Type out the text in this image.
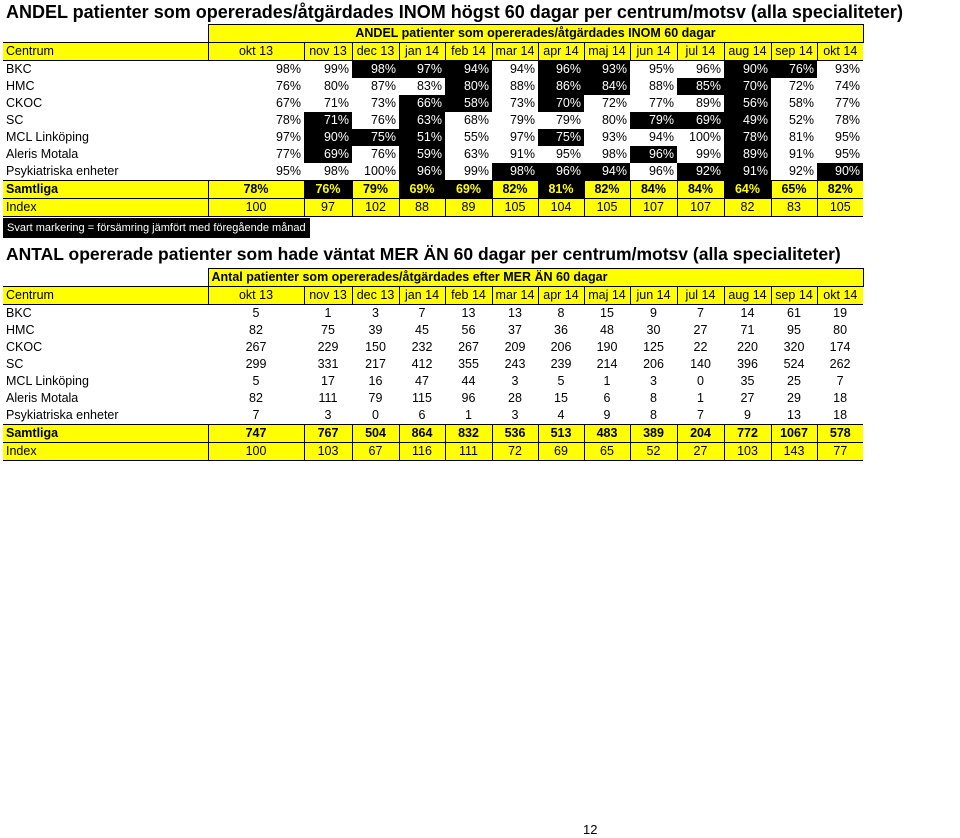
ANDEL patienter som opererades/åtgärdades INOM högst 60 dagar per centrum/motsv (alla specialiteter)
	ANDEL patienter som opererades/åtgärdades INOM 60 dagar												
Centrum	okt 13	nov 13	dec 13	jan 14	feb 14	mar 14	apr 14	maj 14	jun 14	jul 14	aug 14	sep 14	okt 14
BKC	98%	99%	98%	97%	94%	94%	96%	93%	95%	96%	90%	76%	93%
HMC	76%	80%	87%	83%	80%	88%	86%	84%	88%	85%	70%	72%	74%
CKOC	67%	71%	73%	66%	58%	73%	70%	72%	77%	89%	56%	58%	77%
SC	78%	71%	76%	63%	68%	79%	79%	80%	79%	69%	49%	52%	78%
MCL Linköping	97%	90%	75%	51%	55%	97%	75%	93%	94%	100%	78%	81%	95%
Aleris Motala	77%	69%	76%	59%	63%	91%	95%	98%	96%	99%	89%	91%	95%
Psykiatriska enheter	95%	98%	100%	96%	99%	98%	96%	94%	96%	92%	91%	92%	90%
Samtliga	78%	76%	79%	69%	69%	82%	81%	82%	84%	84%	64%	65%	82%
Index	100	97	102	88	89	105	104	105	107	107	82	83	105
Svart markering = försämring jämfört med föregående månad
ANTAL opererade patienter som hade väntat MER ÄN 60 dagar per centrum/motsv (alla specialiteter)
	Antal patienter som opererades/åtgärdades efter MER ÄN 60 dagar												
Centrum	okt 13	nov 13	dec 13	jan 14	feb 14	mar 14	apr 14	maj 14	jun 14	jul 14	aug 14	sep 14	okt 14
BKC	5	1	3	7	13	13	8	15	9	7	14	61	19
HMC	82	75	39	45	56	37	36	48	30	27	71	95	80
CKOC	267	229	150	232	267	209	206	190	125	22	220	320	174
SC	299	331	217	412	355	243	239	214	206	140	396	524	262
MCL Linköping	5	17	16	47	44	3	5	1	3	0	35	25	7
Aleris Motala	82	111	79	115	96	28	15	6	8	1	27	29	18
Psykiatriska enheter	7	3	0	6	1	3	4	9	8	7	9	13	18
Samtliga	747	767	504	864	832	536	513	483	389	204	772	1067	578
Index	100	103	67	116	111	72	69	65	52	27	103	143	77
12
